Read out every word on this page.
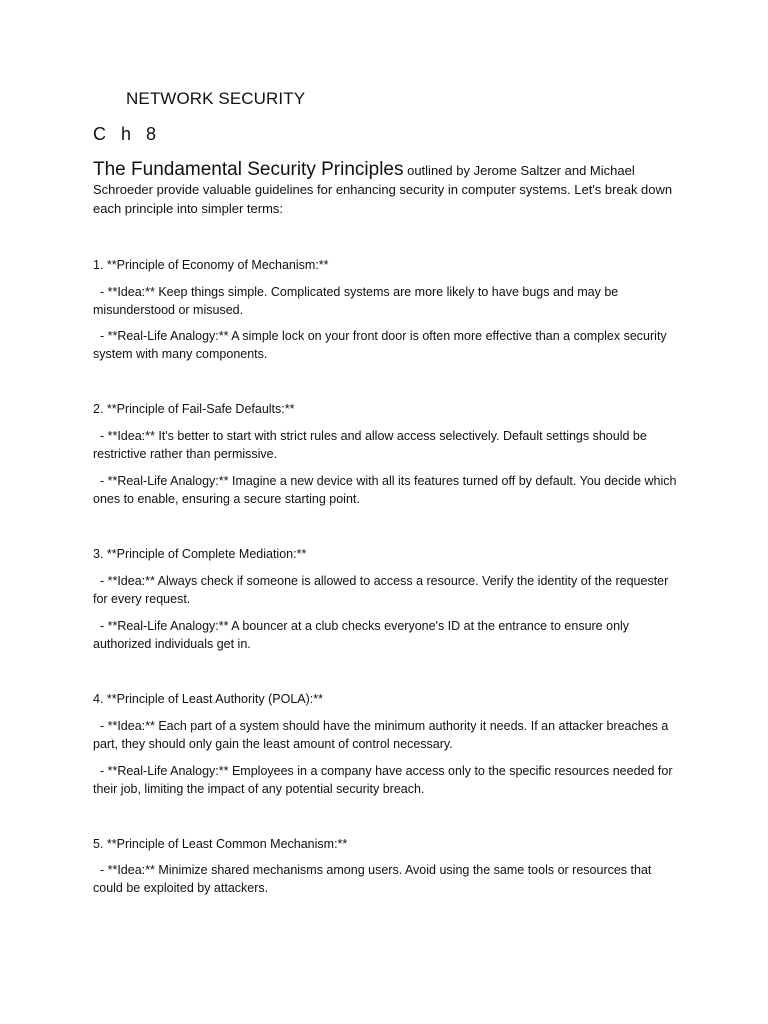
NETWORK SECURITY
C h 8

The Fundamental Security Principles outlined by Jerome Saltzer and Michael Schroeder provide valuable guidelines for enhancing security in computer systems. Let's break down each principle into simpler terms:

1. **Principle of Economy of Mechanism:**

- **Idea:** Keep things simple. Complicated systems are more likely to have bugs and may be misunderstood or misused.

- **Real-Life Analogy:** A simple lock on your front door is often more effective than a complex security system with many components.

2. **Principle of Fail-Safe Defaults:**

- **Idea:** It's better to start with strict rules and allow access selectively. Default settings should be restrictive rather than permissive.

- **Real-Life Analogy:** Imagine a new device with all its features turned off by default. You decide which ones to enable, ensuring a secure starting point.

3. **Principle of Complete Mediation:**

- **Idea:** Always check if someone is allowed to access a resource. Verify the identity of the requester for every request.

- **Real-Life Analogy:** A bouncer at a club checks everyone's ID at the entrance to ensure only authorized individuals get in.

4. **Principle of Least Authority (POLA):**

- **Idea:** Each part of a system should have the minimum authority it needs. If an attacker breaches a part, they should only gain the least amount of control necessary.

- **Real-Life Analogy:** Employees in a company have access only to the specific resources needed for their job, limiting the impact of any potential security breach.

5. **Principle of Least Common Mechanism:**

- **Idea:** Minimize shared mechanisms among users. Avoid using the same tools or resources that could be exploited by attackers.
